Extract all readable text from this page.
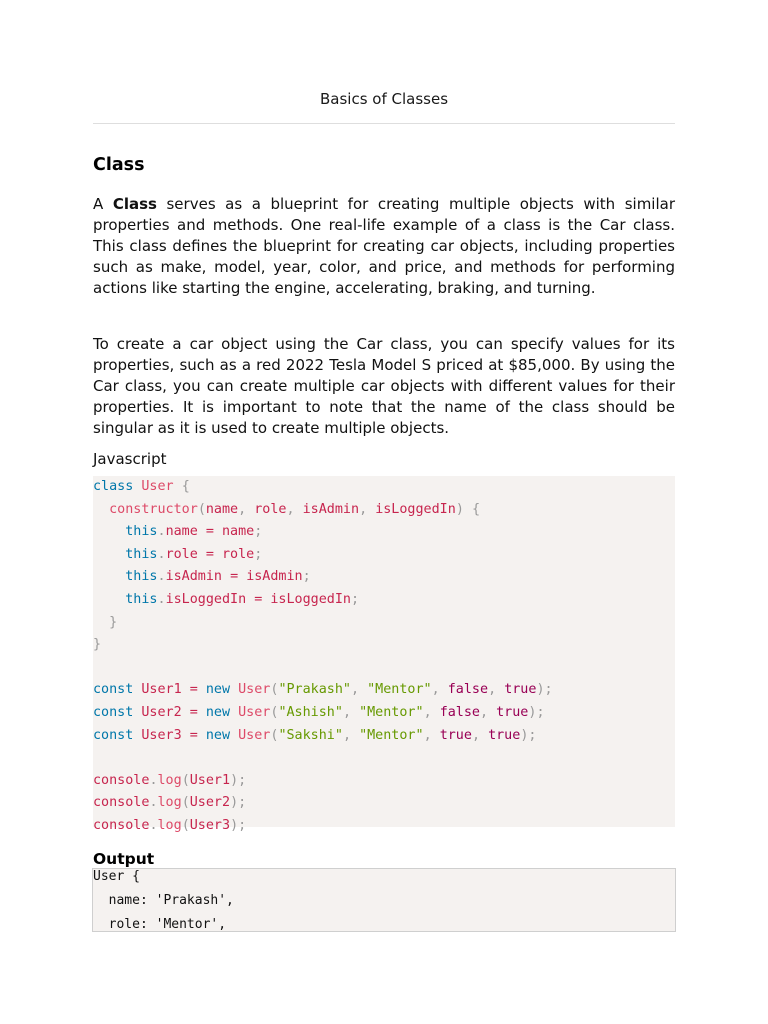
Basics of Classes
Class

A Class serves as a blueprint for creating multiple objects with similar properties and methods. One real-life example of a class is the Car class. This class defines the blueprint for creating car objects, including properties such as make, model, year, color, and price, and methods for performing actions like starting the engine, accelerating, braking, and turning.

To create a car object using the Car class, you can specify values for its properties, such as a red 2022 Tesla Model S priced at $85,000. By using the Car class, you can create multiple car objects with different values for their properties. It is important to note that the name of the class should be singular as it is used to create multiple objects.

Javascript
class User {
constructor(name, role, isAdmin, isLoggedIn) {
this.name = name;
this.role = role;
this.isAdmin = isAdmin;
this.isLoggedIn = isLoggedIn;
}
}
const User1 = new User("Prakash", "Mentor", false, true);
const User2 = new User("Ashish", "Mentor", false, true);
const User3 = new User("Sakshi", "Mentor", true, true);
console.log(User1);
console.log(User2);
console.log(User3);
Output
User {
name: 'Prakash',
role: 'Mentor',
